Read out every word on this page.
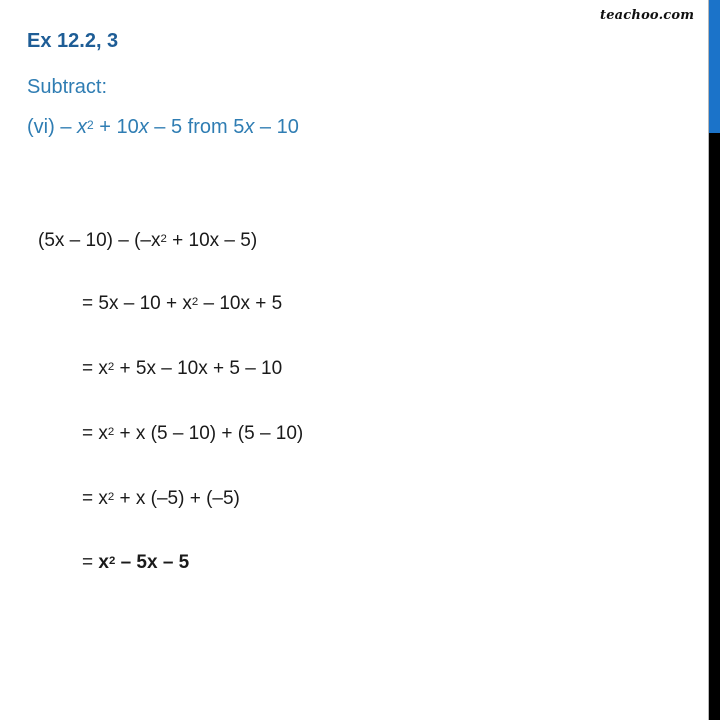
teachoo.com
Ex 12.2, 3
Subtract:
$(vi) - x^2 + 10x - 5$ from 5x – 10
$(5x - 10) - (-x^2 + 10x - 5)$
= $5x - 10 + x^2 - 10x + 5$
= $x^2 + 5x - 10x + 5 - 10$
= $x^2 + x$ (5 – 10) + (5 – 10)
= $x^2 + x$ (–5) + (–5)
= $x^2 - 5x - 5$
